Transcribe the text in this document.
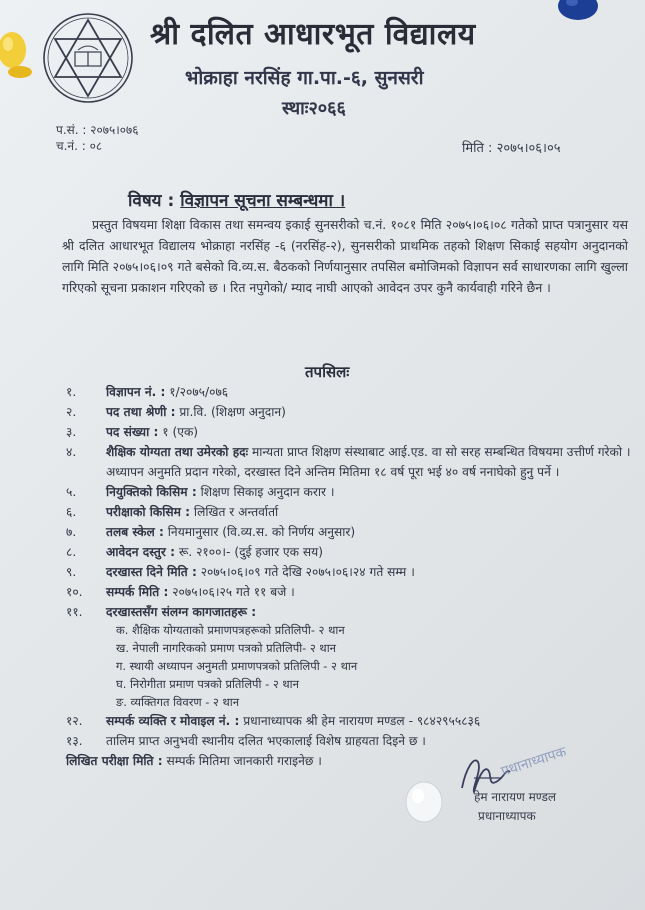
श्री दलित आधारभूत विद्यालय
भोक्राहा नरसिंह गा.पा.-६, सुनसरी
स्थाः२०६६
प.सं. : २०७५।०७६
च.नं. : ०८	मिति : २०७५।०६।०५
विषय : विज्ञापन सूचना सम्बन्धमा ।
प्रस्तुत विषयमा शिक्षा विकास तथा समन्वय इकाई सुनसरीको च.नं. १०८१ मिति २०७५।०६।०८ गतेको प्राप्त पत्रानुसार यस श्री दलित आधारभूत विद्यालय भोक्राहा नरसिंह -६ (नरसिंह-२), सुनसरीको प्राथमिक तहको शिक्षण सिकाई सहयोग अनुदानको लागि मिति २०७५।०६।०९ गते बसेको वि.व्य.स. बैठकको निर्णयानुसार तपसिल बमोजिमको विज्ञापन सर्व साधारणका लागि खुल्ला गरिएको सूचना प्रकाशन गरिएको छ । रित नपुगेको/ म्याद नाघी आएको आवेदन उपर कुनै कार्यवाही गरिने छैन ।
तपसिलः
१.	विज्ञापन नं. : १/२०७५/०७६
२.	पद तथा श्रेणी : प्रा.वि. (शिक्षण अनुदान)
३.	पद संख्या : १ (एक)
४.	शैक्षिक योग्यता तथा उमेरको हदः मान्यता प्राप्त शिक्षण संस्थाबाट आई.एड. वा सो सरह सम्बन्धित विषयमा उत्तीर्ण गरेको । अध्यापन अनुमति प्रदान गरेको, दरखास्त दिने अन्तिम मितिमा १८ वर्ष पूरा भई ४० वर्ष ननाघेको हुनु पर्ने ।
५.	नियुक्तिको किसिम : शिक्षण सिकाइ अनुदान करार ।
६.	परीक्षाको किसिम : लिखित र अन्तर्वार्ता
७.	तलब स्केल : नियमानुसार (वि.व्य.स. को निर्णय अनुसार)
८.	आवेदन दस्तुर : रू. २१००।- (दुई हजार एक सय)
९.	दरखास्त दिने मिति : २०७५।०६।०९ गते देखि २०७५।०६।२४ गते सम्म ।
१०.	सम्पर्क मिति : २०७५।०६।२५ गते ११ बजे ।
११.	दरखास्तसँग संलग्न कागजातहरू :
क. शैक्षिक योग्यताको प्रमाणपत्रहरूको प्रतिलिपी- २ थान
ख. नेपाली नागरिकको प्रमाण पत्रको प्रतिलिपी- २ थान
ग. स्थायी अध्यापन अनुमती प्रमाणपत्रको प्रतिलिपी - २ थान
घ. निरोगीता प्रमाण पत्रको प्रतिलिपी - २ थान
ङ. व्यक्तिगत विवरण - २ थान
१२.	सम्पर्क व्यक्ति र मोवाइल नं. : प्रधानाध्यापक श्री हेम नारायण मण्डल - ९८४२९५५८३६
१३.	तालिम प्राप्त अनुभवी स्थानीय दलित भएकालाई विशेष ग्राहयता दिइने छ ।
लिखित परीक्षा मिति : सम्पर्क मितिमा जानकारी गराइनेछ ।	प्रधानाध्यापक
हेम नारायण मण्डल
प्रधानाध्यापक
